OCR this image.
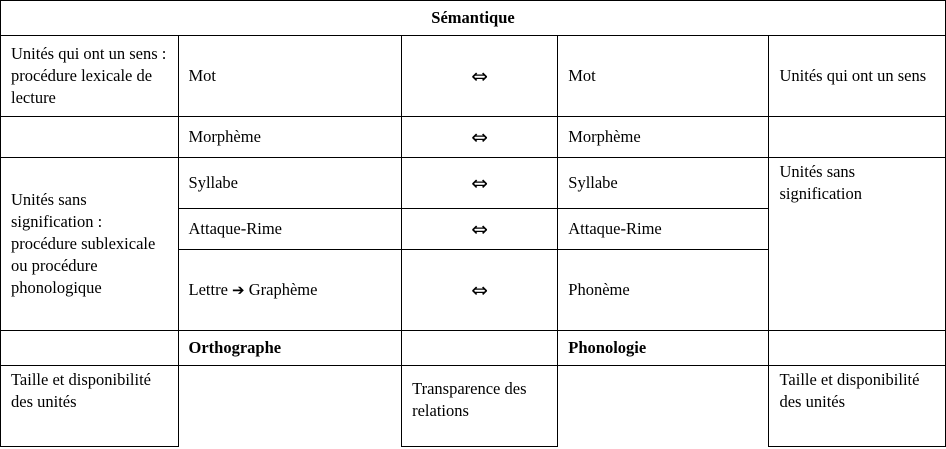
Sémantique				
Unités qui ont un sens : procédure lexicale de lecture	Mot	⇔	Mot	Unités qui ont un sens
	Morphème	⇔	Morphème	
Unités sans signification : procédure sublexicale ou procédure phonologique	Syllabe	⇔	Syllabe	Unités sans signification
	Attaque-Rime	⇔	Attaque-Rime	
	Lettre ➔ Graphème	⇔	Phonème	
	Orthographe		Phonologie	
Taille et disponibilité des unités		Transparence des relations		Taille et disponibilité des unités
